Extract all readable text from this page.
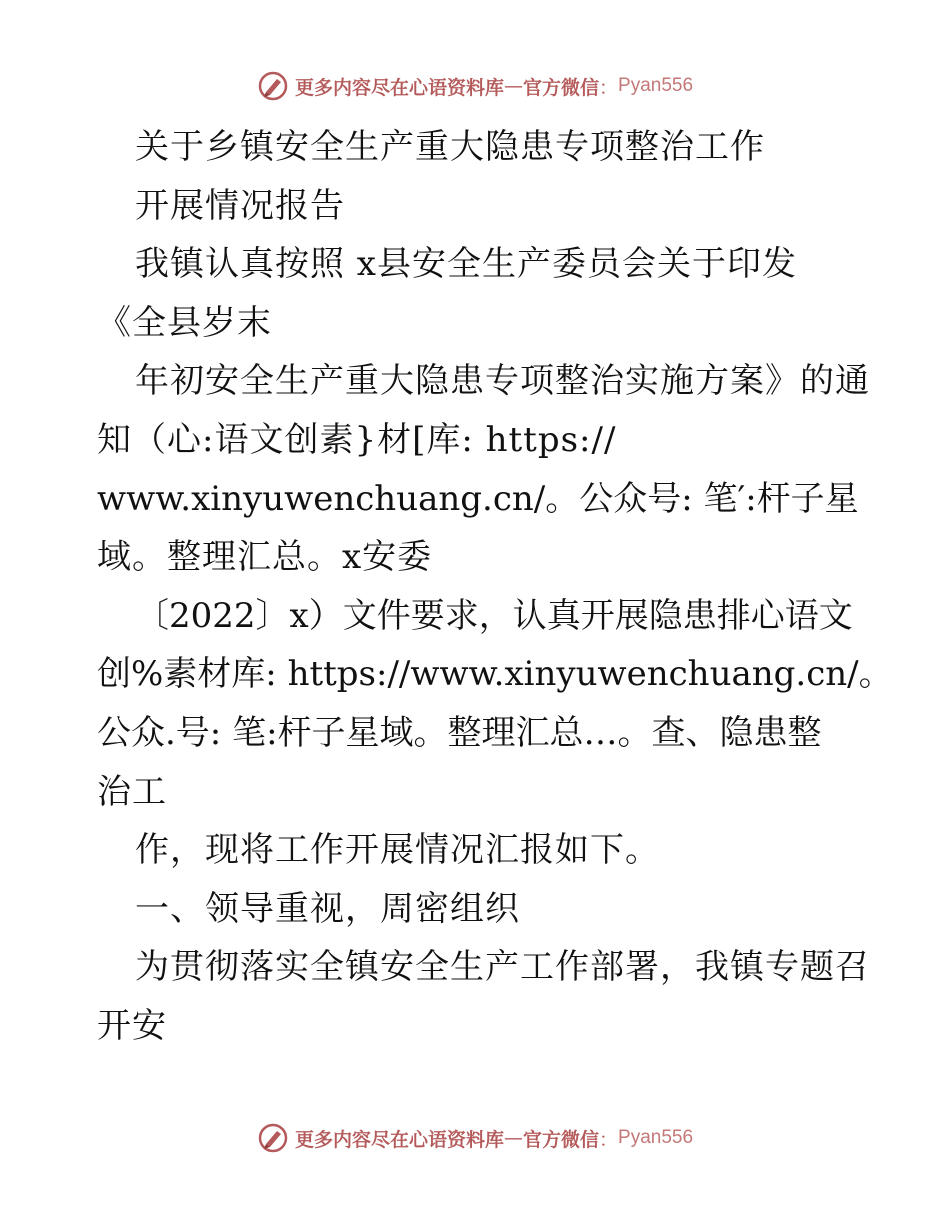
更多内容尽在心语资料库 — 官方微信 ： Pyan556
关于乡镇安全生产重大隐患专项整治工作
开展情况报告
我镇认真按照 x县安全生产委员会关于印发
《全县岁末
年初安全生产重大隐患专项整治实施方案》的通
知（心:语文创素}材[库: https://
www.xinyuwenchuang.cn/。公众号: 笔′:杆子星
域。整理汇总。x安委
〔2022〕x）文件要求，认真开展隐患排心语文
创%素材库: https://www.xinyuwenchuang.cn/。
公众.号: 笔:杆子星域。整理汇总…。查、隐患整
治工
作，现将工作开展情况汇报如下。
一、领导重视，周密组织
为贯彻落实全镇安全生产工作部署，我镇专题召
开安
更多内容尽在心语资料库 — 官方微信 ： Pyan556
